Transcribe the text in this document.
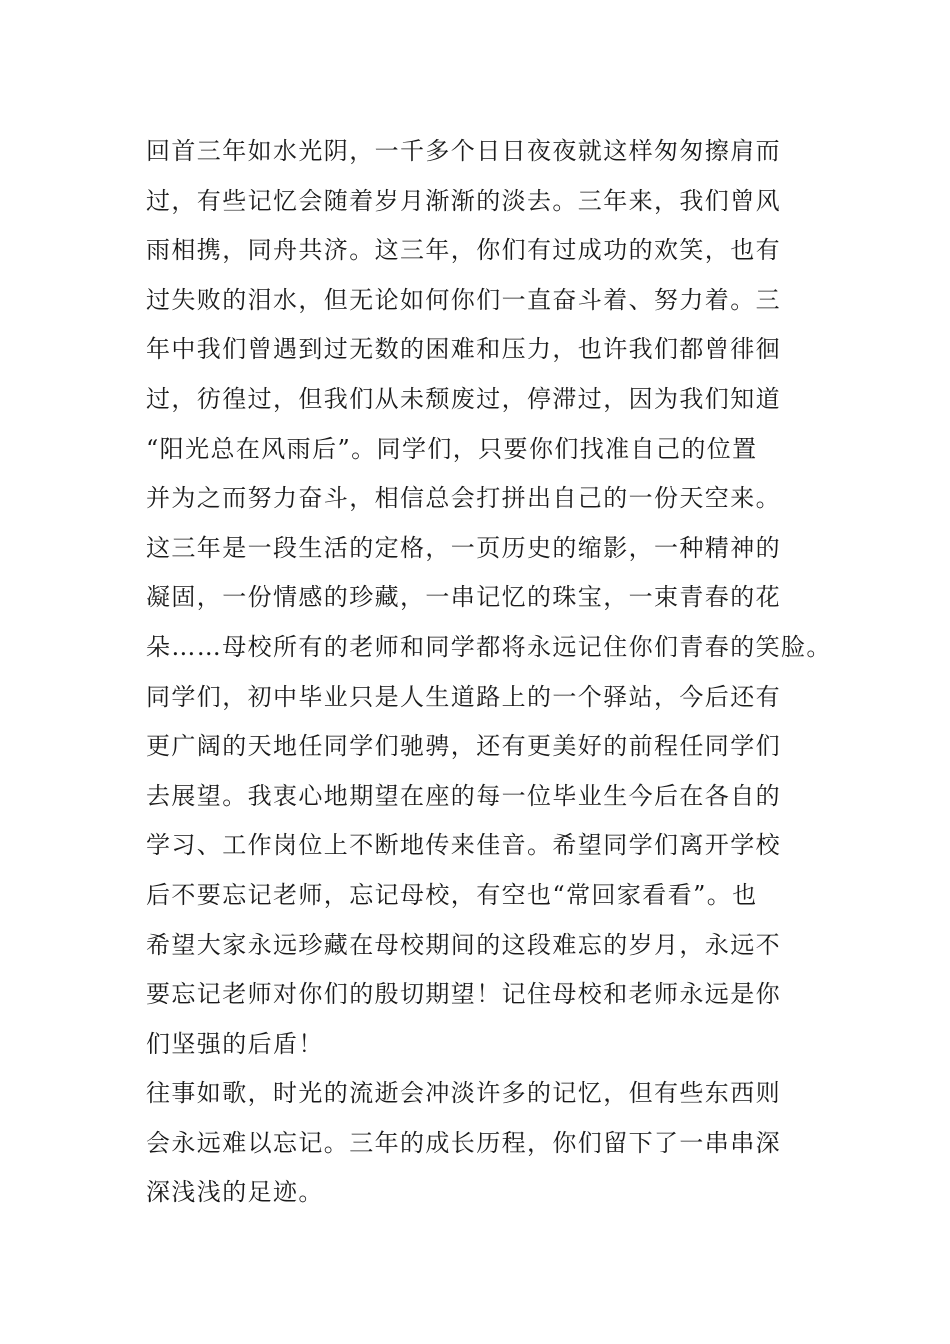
回首三年如水光阴，一千多个日日夜夜就这样匆匆擦肩而
过，有些记忆会随着岁月渐渐的淡去。三年来，我们曾风
雨相携，同舟共济。这三年，你们有过成功的欢笑，也有
过失败的泪水，但无论如何你们一直奋斗着、努力着。三
年中我们曾遇到过无数的困难和压力，也许我们都曾徘徊
过，彷徨过，但我们从未颓废过，停滞过，因为我们知道
“阳光总在风雨后”。同学们，只要你们找准自己的位置
并为之而努力奋斗，相信总会打拼出自己的一份天空来。

这三年是一段生活的定格，一页历史的缩影，一种精神的
凝固，一份情感的珍藏，一串记忆的珠宝，一束青春的花
朵……母校所有的老师和同学都将永远记住你们青春的笑脸。

同学们，初中毕业只是人生道路上的一个驿站，今后还有
更广阔的天地任同学们驰骋，还有更美好的前程任同学们
去展望。我衷心地期望在座的每一位毕业生今后在各自的
学习、工作岗位上不断地传来佳音。希望同学们离开学校
后不要忘记老师，忘记母校，有空也“常回家看看”。也
希望大家永远珍藏在母校期间的这段难忘的岁月，永远不
要忘记老师对你们的殷切期望！记住母校和老师永远是你
们坚强的后盾！

往事如歌，时光的流逝会冲淡许多的记忆，但有些东西则
会永远难以忘记。三年的成长历程，你们留下了一串串深
深浅浅的足迹。
